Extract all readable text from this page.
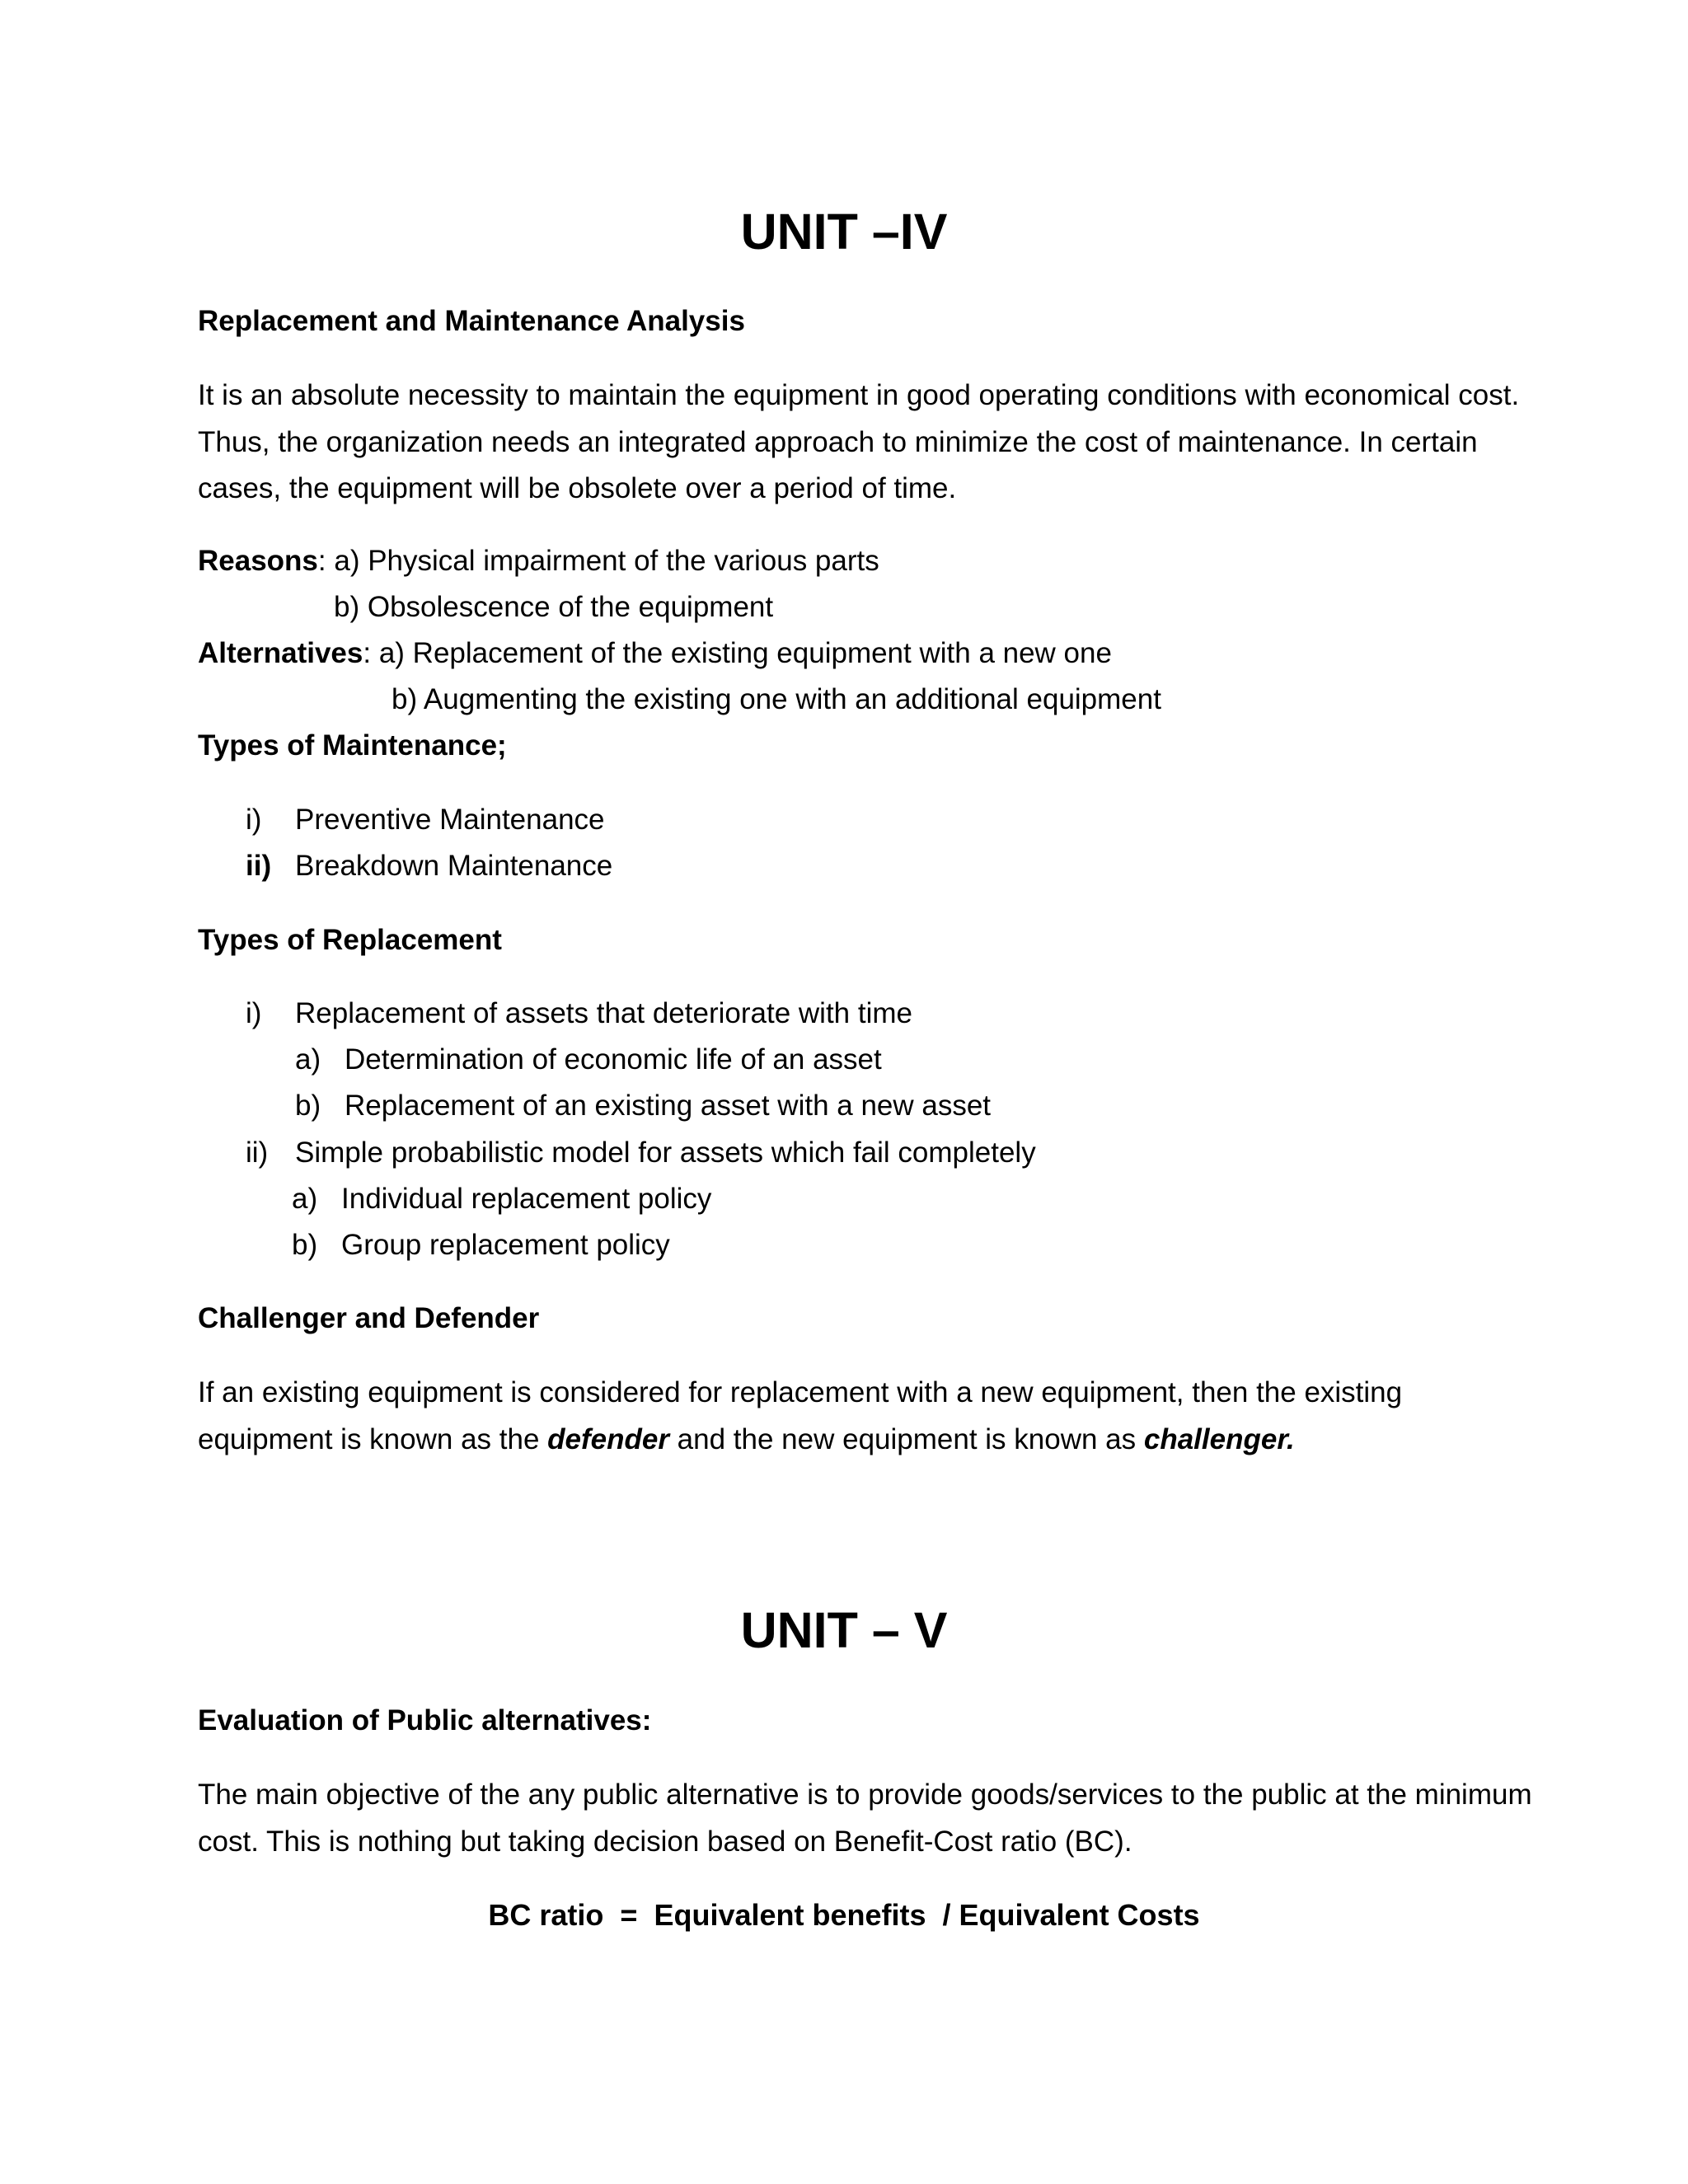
UNIT –IV
Replacement and Maintenance Analysis

It is an absolute necessity to maintain the equipment in good operating conditions with economical cost. Thus, the organization needs an integrated approach to minimize the cost of maintenance. In certain cases, the equipment will be obsolete over a period of time.

Reasons: a) Physical impairment of the various parts
b) Obsolescence of the equipment
Alternatives: a) Replacement of the existing equipment with a new one
b) Augmenting the existing one with an additional equipment
Types of Maintenance;
i) Preventive Maintenance
ii) Breakdown Maintenance
Types of Replacement
i) Replacement of assets that deteriorate with time
a) Determination of economic life of an asset
b) Replacement of an existing asset with a new asset
ii) Simple probabilistic model for assets which fail completely
a) Individual replacement policy
b) Group replacement policy
Challenger and Defender

If an existing equipment is considered for replacement with a new equipment, then the existing equipment is known as the defender and the new equipment is known as challenger.

UNIT – V
Evaluation of Public alternatives:

The main objective of the any public alternative is to provide goods/services to the public at the minimum cost. This is nothing but taking decision based on Benefit-Cost ratio (BC).

BC ratio  =  Equivalent benefits  / Equivalent Costs
